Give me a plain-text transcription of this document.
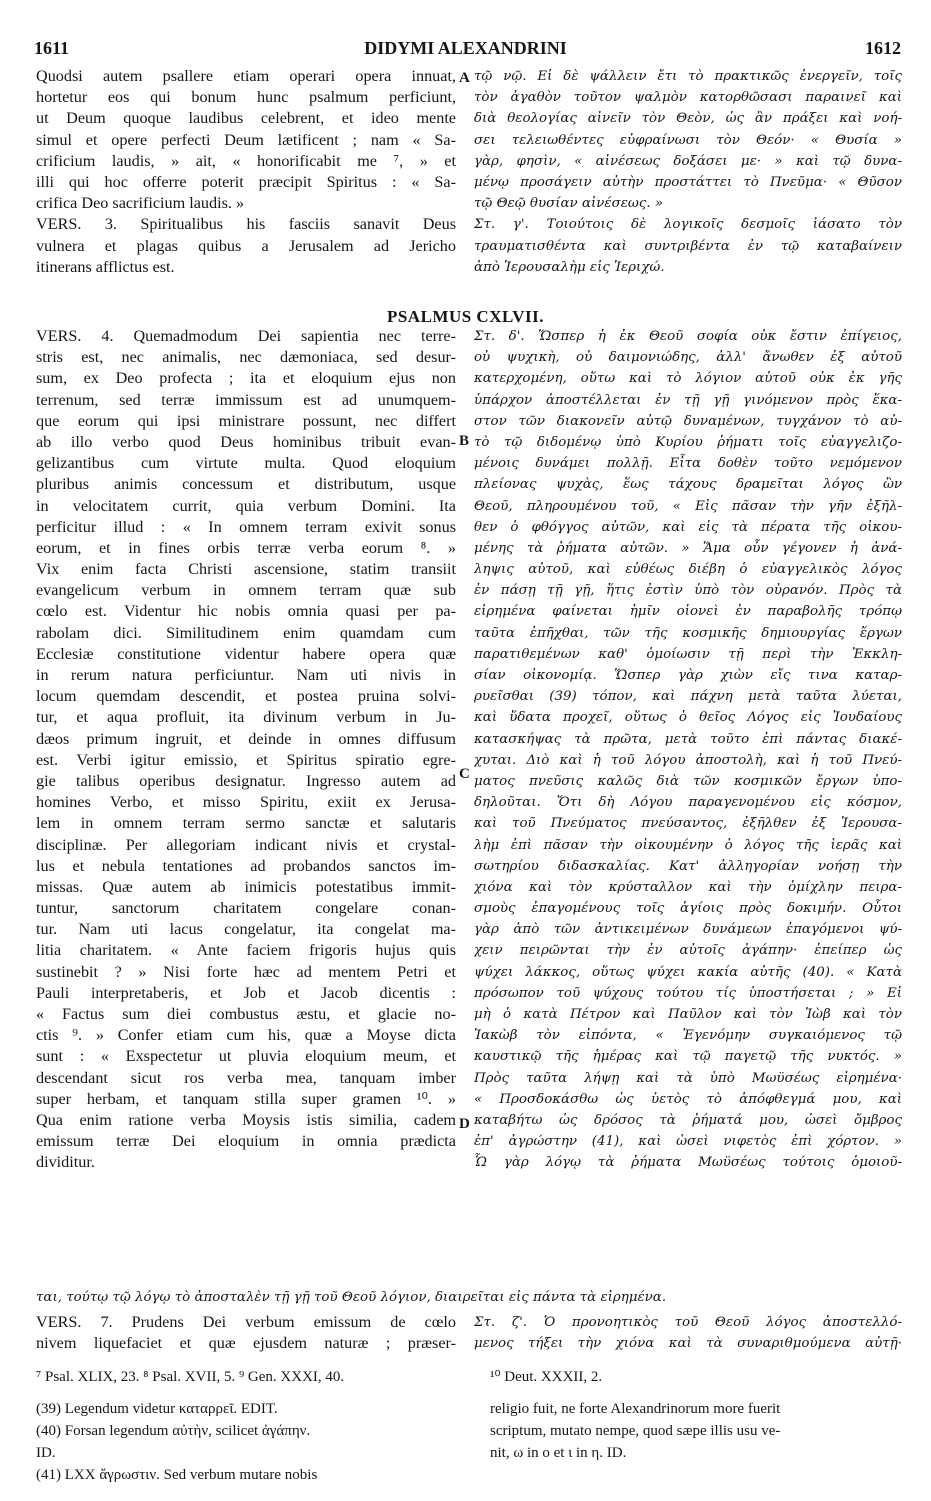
1611	DIDYMI ALEXANDRINI	1612
Quodsi autem psallere etiam operari opera innuat,
hortetur eos qui bonum hunc psalmum perficiunt,
ut Deum quoque laudibus celebrent, et ideo mente
simul et opere perfecti Deum lætificent ; nam « Sa-
crificium laudis, » ait, « honorificabit me ⁷, » et
illi qui hoc offerre poterit præcipit Spiritus : « Sa-
crifica Deo sacrificium laudis. »
VERS. 3. Spiritualibus his fasciis sanavit Deus
vulnera et plagas quibus a Jerusalem ad Jericho
itinerans afflictus est.
τῷ νῷ. Εἰ δὲ ψάλλειν ἔτι τὸ πρακτικῶς ἐνεργεῖν, τοῖς
τὸν ἀγαθὸν τοῦτον ψαλμὸν κατορθῶσασι παραινεῖ καὶ
διὰ θεολογίας αἰνεῖν τὸν Θεὸν, ὡς ἂν πράξει καὶ νοή-
σει τελειωθέντες εὐφραίνωσι τὸν Θεόν· « Θυσία »
γὰρ, φησὶν, « αἰνέσεως δοξάσει με· » καὶ τῷ δυνα-
μένῳ προσάγειν αὐτὴν προστάττει τὸ Πνεῦμα· « Θῦσον
τῷ Θεῷ θυσίαν αἰνέσεως. »
Στ. γ'. Τοιούτοις δὲ λογικοῖς δεσμοῖς ἰάσατο τὸν
τραυματισθέντα καὶ συντριβέντα ἐν τῷ καταβαίνειν
ἀπὸ Ἱερουσαλὴμ εἰς Ἱεριχώ.
PSALMUS CXLVII.
VERS. 4. Quemadmodum Dei sapientia nec terre-
stris est, nec animalis, nec dæmoniaca, sed desur-
sum, ex Deo profecta ; ita et eloquium ejus non
terrenum, sed terræ immissum est ad unumquem-
que eorum qui ipsi ministrare possunt, nec differt
ab illo verbo quod Deus hominibus tribuit evan-
gelizantibus cum virtute multa. Quod eloquium
pluribus animis concessum et distributum, usque
in velocitatem currit, quia verbum Domini. Ita
perficitur illud : « In omnem terram exivit sonus
eorum, et in fines orbis terræ verba eorum ⁸. »
Vix enim facta Christi ascensione, statim transiit
evangelicum verbum in omnem terram quæ sub
cœlo est. Videntur hic nobis omnia quasi per pa-
rabolam dici. Similitudinem enim quamdam cum
Ecclesiæ constitutione videntur habere opera quæ
in rerum natura perficiuntur. Nam uti nivis in
locum quemdam descendit, et postea pruina solvi-
tur, et aqua profluit, ita divinum verbum in Ju-
dæos primum ingruit, et deinde in omnes diffusum
est. Verbi igitur emissio, et Spiritus spiratio egre-
gie talibus operibus designatur. Ingresso autem ad
homines Verbo, et misso Spiritu, exiit ex Jerusa-
lem in omnem terram sermo sanctæ et salutaris
disciplinæ. Per allegoriam indicant nivis et crystal-
lus et nebula tentationes ad probandos sanctos im-
missas. Quæ autem ab inimicis potestatibus immit-
tuntur, sanctorum charitatem congelare conan-
tur. Nam uti lacus congelatur, ita congelat ma-
litia charitatem. « Ante faciem frigoris hujus quis
sustinebit ? » Nisi forte hæc ad mentem Petri et
Pauli interpretaberis, et Job et Jacob dicentis :
« Factus sum diei combustus æstu, et glacie no-
ctis ⁹. » Confer etiam cum his, quæ a Moyse dicta
sunt : « Exspectetur ut pluvia eloquium meum, et
descendant sicut ros verba mea, tanquam imber
super herbam, et tanquam stilla super gramen ¹⁰. »
Qua enim ratione verba Moysis istis similia, cadem
emissum terræ Dei eloquium in omnia prædicta
dividitur.
Στ. δ'. Ὥσπερ ἡ ἐκ Θεοῦ σοφία οὐκ ἔστιν ἐπίγειος,
οὐ ψυχικὴ, οὐ δαιμονιώδης, ἀλλ' ἄνωθεν ἐξ αὐτοῦ
κατερχομένη, οὕτω καὶ τὸ λόγιον αὐτοῦ οὐκ ἐκ γῆς
ὑπάρχον ἀποστέλλεται ἐν τῇ γῇ γινόμενον πρὸς ἕκα-
στον τῶν διακονεῖν αὐτῷ δυναμένων, τυγχάνον τὸ αὐ-
τὸ τῷ διδομένῳ ὑπὸ Κυρίου ῥήματι τοῖς εὐαγγελιζο-
μένοις δυνάμει πολλῇ. Εἶτα δοθὲν τοῦτο νεμόμενον
πλείονας ψυχὰς, ἕως τάχους δραμεῖται λόγος ὢν
Θεοῦ, πληρουμένου τοῦ, « Εἰς πᾶσαν τὴν γῆν ἐξῆλ-
θεν ὁ φθόγγος αὐτῶν, καὶ εἰς τὰ πέρατα τῆς οἰκου-
μένης τὰ ῥήματα αὐτῶν. » Ἅμα οὖν γέγονεν ἡ ἀνά-
ληψις αὐτοῦ, καὶ εὐθέως διέβη ὁ εὐαγγελικὸς λόγος
ἐν πάσῃ τῇ γῇ, ἥτις ἐστὶν ὑπὸ τὸν οὐρανόν. Πρὸς τὰ
εἰρημένα φαίνεται ἡμῖν οἱονεὶ ἐν παραβολῆς τρόπῳ
ταῦτα ἐπῆχθαι, τῶν τῆς κοσμικῆς δημιουργίας ἔργων
παρατιθεμένων καθ' ὁμοίωσιν τῇ περὶ τὴν Ἐκκλη-
σίαν οἰκονομίᾳ. Ὥσπερ γὰρ χιὼν εἴς τινα καταρ-
ρυεῖσθαι (39) τόπον, καὶ πάχνη μετὰ ταῦτα λύεται,
καὶ ὕδατα προχεῖ, οὕτως ὁ θεῖος Λόγος εἰς Ἰουδαίους
κατασκήψας τὰ πρῶτα, μετὰ τοῦτο ἐπὶ πάντας διακέ-
χυται. Διὸ καὶ ἡ τοῦ λόγου ἀποστολὴ, καὶ ἡ τοῦ Πνεύ-
ματος πνεῦσις καλῶς διὰ τῶν κοσμικῶν ἔργων ὑπο-
δηλοῦται. Ὅτι δὴ Λόγου παραγενομένου εἰς κόσμον,
καὶ τοῦ Πνεύματος πνεύσαντος, ἐξῆλθεν ἐξ Ἱερουσα-
λὴμ ἐπὶ πᾶσαν τὴν οἰκουμένην ὁ λόγος τῆς ἱερᾶς καὶ
σωτηρίου διδασκαλίας. Κατ' ἀλληγορίαν νοήσῃ τὴν
χιόνα καὶ τὸν κρύσταλλον καὶ τὴν ὁμίχλην πειρα-
σμοὺς ἐπαγομένους τοῖς ἁγίοις πρὸς δοκιμήν. Οὗτοι
γὰρ ἀπὸ τῶν ἀντικειμένων δυνάμεων ἐπαγόμενοι ψύ-
χειν πειρῶνται τὴν ἐν αὐτοῖς ἀγάπην· ἐπείπερ ὡς
ψύχει λάκκος, οὕτως ψύχει κακία αὐτῆς (40). « Κατὰ
πρόσωπον τοῦ ψύχους τούτου τίς ὑποστήσεται ; » Εἰ
μὴ ὁ κατὰ Πέτρον καὶ Παῦλον καὶ τὸν Ἰὼβ καὶ τὸν
Ἰακὼβ τὸν εἰπόντα, « Ἐγενόμην συγκαιόμενος τῷ
καυστικῷ τῆς ἡμέρας καὶ τῷ παγετῷ τῆς νυκτός. »
Πρὸς ταῦτα λήψῃ καὶ τὰ ὑπὸ Μωϋσέως εἰρημένα·
« Προσδοκάσθω ὡς ὑετὸς τὸ ἀπόφθεγμά μου, καὶ
καταβήτω ὡς δρόσος τὰ ῥήματά μου, ὡσεὶ ὄμβρος
ἐπ' ἀγρώστην (41), καὶ ὡσεὶ νιφετὸς ἐπὶ χόρτον. »
Ὧ γὰρ λόγῳ τὰ ῥήματα Μωϋσέως τούτοις ὁμοιοῦ-
A
B
C
D
ται, τούτῳ τῷ λόγῳ τὸ ἀποσταλὲν τῇ γῇ τοῦ Θεοῦ λόγιον, διαιρεῖται εἰς πάντα τὰ εἰρημένα.
VERS. 7. Prudens Dei verbum emissum de cœlo
nivem liquefaciet et quæ ejusdem naturæ ; præser-
Στ. ζ'. Ὁ προνοητικὸς τοῦ Θεοῦ λόγος ἀποστελλό-
μενος τήξει τὴν χιόνα καὶ τὰ συναριθμούμενα αὐτῇ·
⁷ Psal. XLIX, 23. ⁸ Psal. XVII, 5. ⁹ Gen. XXXI, 40.	¹⁰ Deut. XXXII, 2.
(39) Legendum videtur καταρρεῖ. EDIT.
(40) Forsan legendum αὐτὴν, scilicet ἀγάπην.
ID.
(41) LXX ἄγρωστιν. Sed verbum mutare nobis
religio fuit, ne forte Alexandrinorum more fuerit
scriptum, mutato nempe, quod sæpe illis usu ve-
nit, ω in ο et ι in η. ID.
